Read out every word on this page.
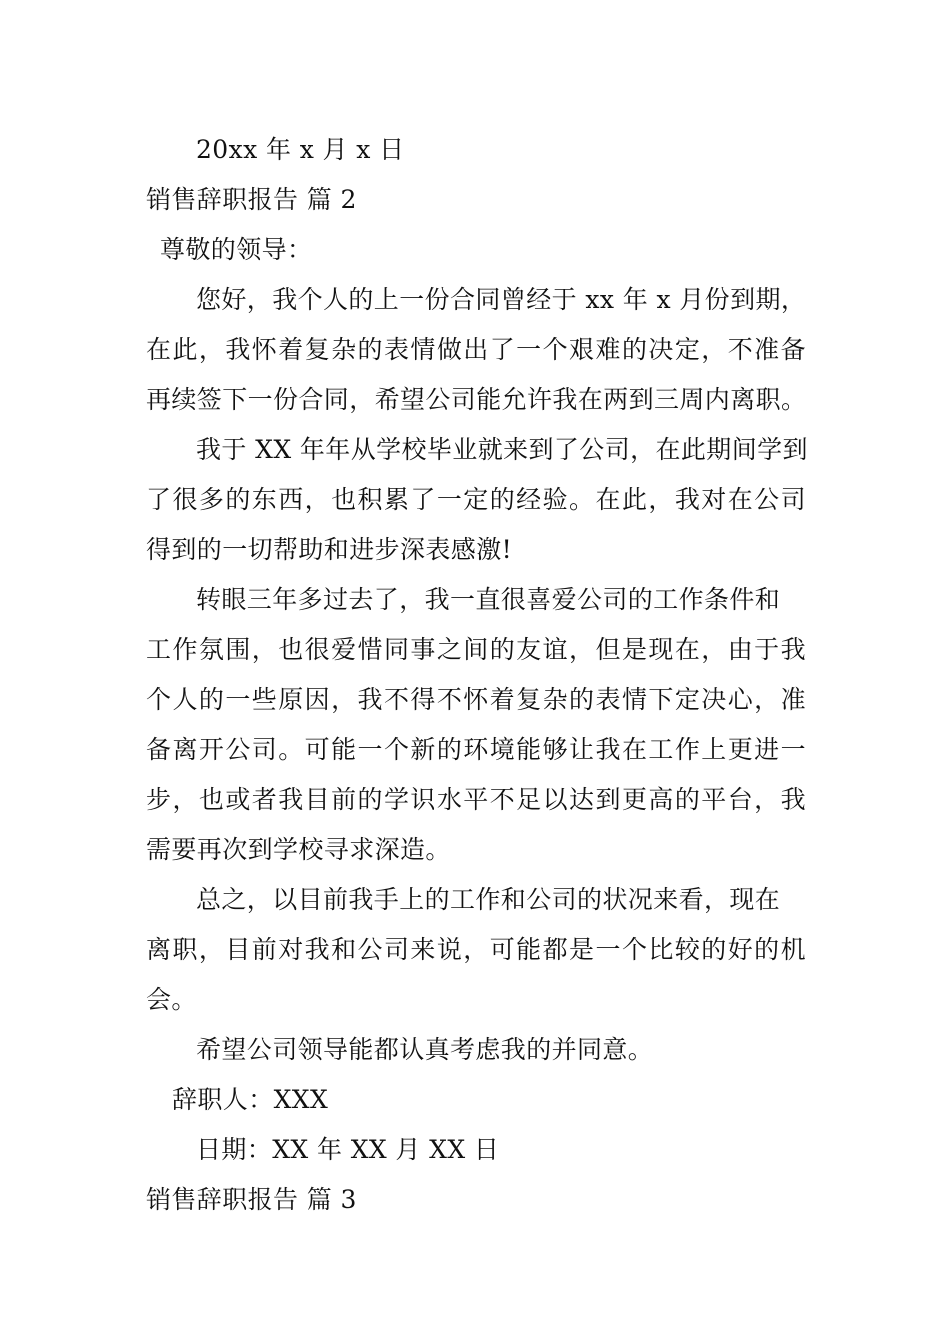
20xx 年 x 月 x 日
销售辞职报告 篇 2
尊敬的领导：
您好，我个人的上一份合同曾经于 xx 年 x 月份到期，
在此，我怀着复杂的表情做出了一个艰难的决定，不准备
再续签下一份合同，希望公司能允许我在两到三周内离职。
我于 XX 年年从学校毕业就来到了公司，在此期间学到
了很多的东西，也积累了一定的经验。在此，我对在公司
得到的一切帮助和进步深表感激!
转眼三年多过去了，我一直很喜爱公司的工作条件和
工作氛围，也很爱惜同事之间的友谊，但是现在，由于我
个人的一些原因，我不得不怀着复杂的表情下定决心，准
备离开公司。可能一个新的环境能够让我在工作上更进一
步，也或者我目前的学识水平不足以达到更高的平台，我
需要再次到学校寻求深造。
总之，以目前我手上的工作和公司的状况来看，现在
离职，目前对我和公司来说，可能都是一个比较的好的机
会。
希望公司领导能都认真考虑我的并同意。
辞职人：XXX
日期：XX 年 XX 月 XX 日
销售辞职报告 篇 3
